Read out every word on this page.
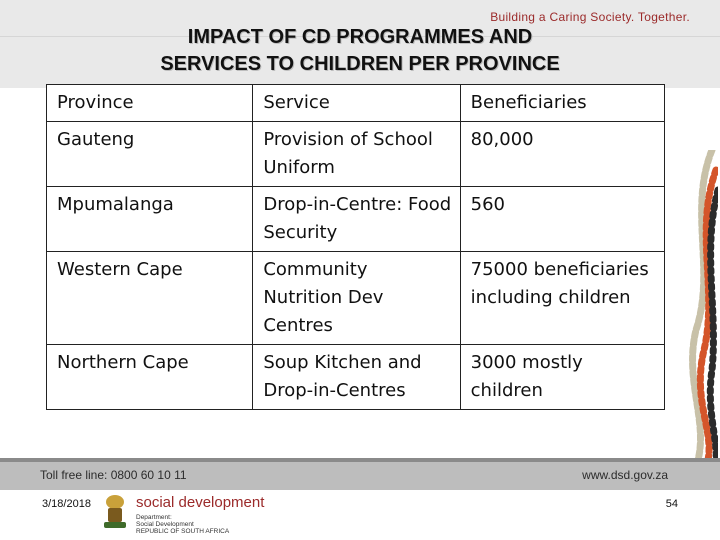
Building a Caring Society. Together.
IMPACT OF CD PROGRAMMES AND
SERVICES TO CHILDREN PER PROVINCE
Province	Service	Beneficiaries
Gauteng	Provision of School Uniform	80,000
Mpumalanga	Drop-in-Centre: Food Security	560
Western Cape	Community Nutrition Dev Centres	75000 beneficiaries including children
Northern Cape	Soup Kitchen and Drop-in-Centres	3000 mostly children
Toll free line: 0800 60 10 11	www.dsd.gov.za
social development
Department:
Social Development
REPUBLIC OF SOUTH AFRICA
3/18/2018	54
